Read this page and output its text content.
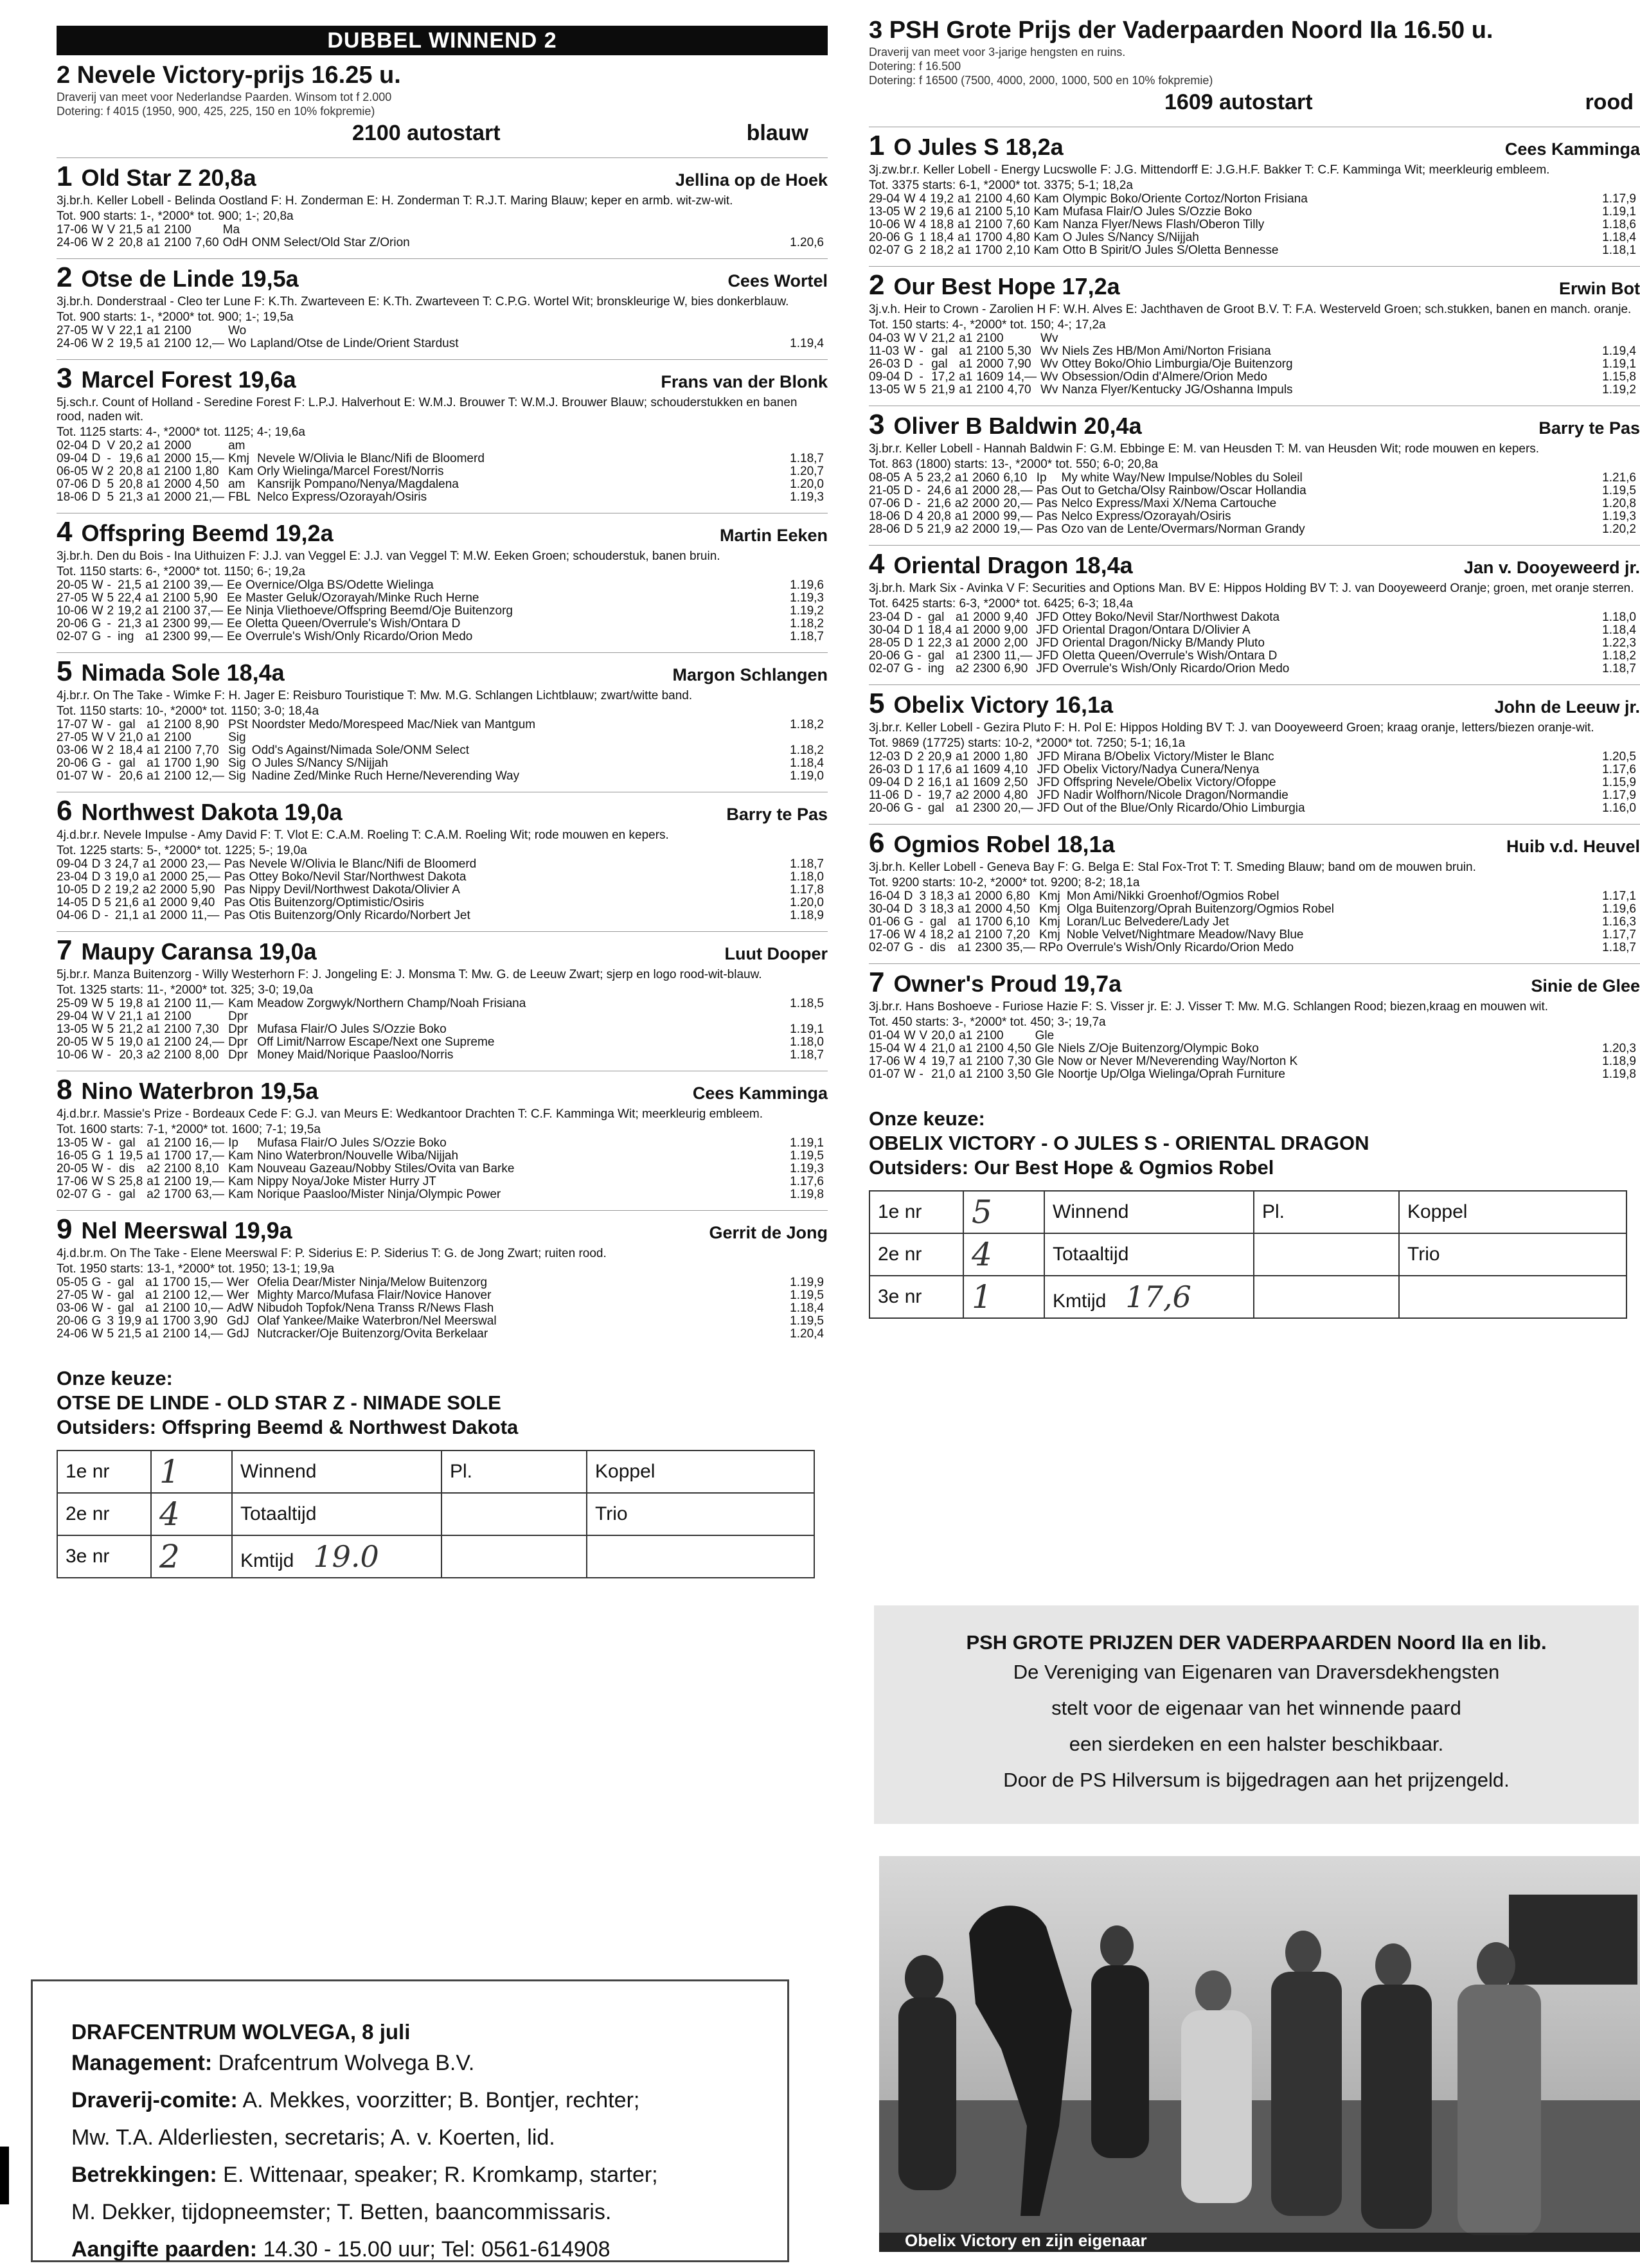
DUBBEL WINNEND 2
2 Nevele Victory-prijs 16.25 u.
Draverij van meet voor Nederlandse Paarden. Winsom tot f 2.000
Dotering: f 4015 (1950, 900, 425, 225, 150 en 10% fokpremie)
2100 autostart	blauw
1 Old Star Z 20,8a	Jellina op de Hoek
3j.br.h. Keller Lobell - Belinda Oostland F: H. Zonderman E: H. Zonderman T: R.J.T. Maring Blauw; keper en armb. wit-zw-wit.
Tot. 900 starts: 1-, *2000* tot. 900; 1-; 20,8a
17-06	W	V	21,5	a1	2100		Ma		
24-06	W	2	20,8	a1	2100	7,60	OdH	ONM Select/Old Star Z/Orion	1.20,6
2 Otse de Linde 19,5a	Cees Wortel
3j.br.h. Donderstraal - Cleo ter Lune F: K.Th. Zwarteveen E: K.Th. Zwarteveen T: C.P.G. Wortel Wit; bronskleurige W, bies donkerblauw.
Tot. 900 starts: 1-, *2000* tot. 900; 1-; 19,5a
27-05	W	V	22,1	a1	2100		Wo		
24-06	W	2	19,5	a1	2100	12,—	Wo	Lapland/Otse de Linde/Orient Stardust	1.19,4
3 Marcel Forest 19,6a	Frans van der Blonk
5j.sch.r. Count of Holland - Seredine Forest F: L.P.J. Halverhout E: W.M.J. Brouwer T: W.M.J. Brouwer Blauw; schouderstukken en banen rood, naden wit.
Tot. 1125 starts: 4-, *2000* tot. 1125; 4-; 19,6a
02-04	D	V	20,2	a1	2000		am		
09-04	D	-	19,6	a1	2000	15,—	Kmj	Nevele W/Olivia le Blanc/Nifi de Bloomerd	1.18,7
06-05	W	2	20,8	a1	2100	1,80	Kam	Orly Wielinga/Marcel Forest/Norris	1.20,7
07-06	D	5	20,8	a1	2000	4,50	am	Kansrijk Pompano/Nenya/Magdalena	1.20,0
18-06	D	5	21,3	a1	2000	21,—	FBL	Nelco Express/Ozorayah/Osiris	1.19,3
4 Offspring Beemd 19,2a	Martin Eeken
3j.br.h. Den du Bois - Ina Uithuizen F: J.J. van Veggel E: J.J. van Veggel T: M.W. Eeken Groen; schouderstuk, banen bruin.
Tot. 1150 starts: 6-, *2000* tot. 1150; 6-; 19,2a
20-05	W	-	21,5	a1	2100	39,—	Ee	Overnice/Olga BS/Odette Wielinga	1.19,6
27-05	W	5	22,4	a1	2100	5,90	Ee	Master Geluk/Ozorayah/Minke Ruch Herne	1.19,3
10-06	W	2	19,2	a1	2100	37,—	Ee	Ninja Vliethoeve/Offspring Beemd/Oje Buitenzorg	1.19,2
20-06	G	-	21,3	a1	2300	99,—	Ee	Oletta Queen/Overrule's Wish/Ontara D	1.18,2
02-07	G	-	ing	a1	2300	99,—	Ee	Overrule's Wish/Only Ricardo/Orion Medo	1.18,7
5 Nimada Sole 18,4a	Margon Schlangen
4j.br.r. On The Take - Wimke F: H. Jager E: Reisburo Touristique T: Mw. M.G. Schlangen Lichtblauw; zwart/witte band.
Tot. 1150 starts: 10-, *2000* tot. 1150; 3-0; 18,4a
17-07	W	-	gal	a1	2100	8,90	PSt	Noordster Medo/Morespeed Mac/Niek van Mantgum	1.18,2
27-05	W	V	21,0	a1	2100		Sig		
03-06	W	2	18,4	a1	2100	7,70	Sig	Odd's Against/Nimada Sole/ONM Select	1.18,2
20-06	G	-	gal	a1	1700	1,90	Sig	O Jules S/Nancy S/Nijjah	1.18,4
01-07	W	-	20,6	a1	2100	12,—	Sig	Nadine Zed/Minke Ruch Herne/Neverending Way	1.19,0
6 Northwest Dakota 19,0a	Barry te Pas
4j.d.br.r. Nevele Impulse - Amy David F: T. Vlot E: C.A.M. Roeling T: C.A.M. Roeling Wit; rode mouwen en kepers.
Tot. 1225 starts: 5-, *2000* tot. 1225; 5-; 19,0a
09-04	D	3	24,7	a1	2000	23,—	Pas	Nevele W/Olivia le Blanc/Nifi de Bloomerd	1.18,7
23-04	D	3	19,0	a1	2000	25,—	Pas	Ottey Boko/Nevil Star/Northwest Dakota	1.18,0
10-05	D	2	19,2	a2	2000	5,90	Pas	Nippy Devil/Northwest Dakota/Olivier A	1.17,8
14-05	D	5	21,6	a1	2000	9,40	Pas	Otis Buitenzorg/Optimistic/Osiris	1.20,0
04-06	D	-	21,1	a1	2000	11,—	Pas	Otis Buitenzorg/Only Ricardo/Norbert Jet	1.18,9
7 Maupy Caransa 19,0a	Luut Dooper
5j.br.r. Manza Buitenzorg - Willy Westerhorn F: J. Jongeling E: J. Monsma T: Mw. G. de Leeuw Zwart; sjerp en logo rood-wit-blauw.
Tot. 1325 starts: 11-, *2000* tot. 325; 3-0; 19,0a
25-09	W	5	19,8	a1	2100	11,—	Kam	Meadow Zorgwyk/Northern Champ/Noah Frisiana	1.18,5
29-04	W	V	21,1	a1	2100		Dpr		
13-05	W	5	21,2	a1	2100	7,30	Dpr	Mufasa Flair/O Jules S/Ozzie Boko	1.19,1
20-05	W	5	19,0	a1	2100	24,—	Dpr	Off Limit/Narrow Escape/Next one Supreme	1.18,0
10-06	W	-	20,3	a2	2100	8,00	Dpr	Money Maid/Norique Paasloo/Norris	1.18,7
8 Nino Waterbron 19,5a	Cees Kamminga
4j.d.br.r. Massie's Prize - Bordeaux Cede F: G.J. van Meurs E: Wedkantoor Drachten T: C.F. Kamminga Wit; meerkleurig embleem.
Tot. 1600 starts: 7-1, *2000* tot. 1600; 7-1; 19,5a
13-05	W	-	gal	a1	2100	16,—	Ip	Mufasa Flair/O Jules S/Ozzie Boko	1.19,1
16-05	G	1	19,5	a1	1700	17,—	Kam	Nino Waterbron/Nouvelle Wiba/Nijjah	1.19,5
20-05	W	-	dis	a2	2100	8,10	Kam	Nouveau Gazeau/Nobby Stiles/Ovita van Barke	1.19,3
17-06	W	S	25,8	a1	2100	19,—	Kam	Nippy Noya/Joke Mister Hurry JT	1.17,6
02-07	G	-	gal	a2	1700	63,—	Kam	Norique Paasloo/Mister Ninja/Olympic Power	1.19,8
9 Nel Meerswal 19,9a	Gerrit de Jong
4j.d.br.m. On The Take - Elene Meerswal F: P. Siderius E: P. Siderius T: G. de Jong Zwart; ruiten rood.
Tot. 1950 starts: 13-1, *2000* tot. 1950; 13-1; 19,9a
05-05	G	-	gal	a1	1700	15,—	Wer	Ofelia Dear/Mister Ninja/Melow Buitenzorg	1.19,9
27-05	W	-	gal	a1	2100	12,—	Wer	Mighty Marco/Mufasa Flair/Novice Hanover	1.19,5
03-06	W	-	gal	a1	2100	10,—	AdW	Nibudoh Topfok/Nena Transs R/News Flash	1.18,4
20-06	G	3	19,9	a1	1700	3,90	GdJ	Olaf Yankee/Maike Waterbron/Nel Meerswal	1.19,5
24-06	W	5	21,5	a1	2100	14,—	GdJ	Nutcracker/Oje Buitenzorg/Ovita Berkelaar	1.20,4
Onze keuze:
OTSE DE LINDE - OLD STAR Z - NIMADE SOLE
Outsiders: Offspring Beemd & Northwest Dakota
1e nr	1	Winnend	Pl.	Koppel
2e nr	4	Totaaltijd		Trio
3e nr	2	Kmtijd 19.0		
DRAFCENTRUM WOLVEGA, 8 juli
Management: Drafcentrum Wolvega B.V.
Draverij-comite: A. Mekkes, voorzitter; B. Bontjer, rechter;
Mw. T.A. Alderliesten, secretaris; A. v. Koerten, lid.
Betrekkingen: E. Wittenaar, speaker; R. Kromkamp, starter;
M. Dekker, tijdopneemster; T. Betten, baancommissaris.
Aangifte paarden: 14.30 - 15.00 uur; Tel: 0561-614908
3 PSH Grote Prijs der Vaderpaarden Noord IIa 16.50 u.
Draverij van meet voor 3-jarige hengsten en ruins.
Dotering: f 16.500
Dotering: f 16500 (7500, 4000, 2000, 1000, 500 en 10% fokpremie)
1609 autostart	rood
1 O Jules S 18,2a	Cees Kamminga
3j.zw.br.r. Keller Lobell - Energy Lucswolle F: J.G. Mittendorff E: J.G.H.F. Bakker T: C.F. Kamminga Wit; meerkleurig embleem.
Tot. 3375 starts: 6-1, *2000* tot. 3375; 5-1; 18,2a
29-04	W	4	19,2	a1	2100	4,60	Kam	Olympic Boko/Oriente Cortoz/Norton Frisiana	1.17,9
13-05	W	2	19,6	a1	2100	5,10	Kam	Mufasa Flair/O Jules S/Ozzie Boko	1.19,1
10-06	W	4	18,8	a1	2100	7,60	Kam	Nanza Flyer/News Flash/Oberon Tilly	1.18,6
20-06	G	1	18,4	a1	1700	4,80	Kam	O Jules S/Nancy S/Nijjah	1.18,4
02-07	G	2	18,2	a1	1700	2,10	Kam	Otto B Spirit/O Jules S/Oletta Bennesse	1.18,1
2 Our Best Hope 17,2a	Erwin Bot
3j.v.h. Heir to Crown - Zarolien H F: W.H. Alves E: Jachthaven de Groot B.V. T: F.A. Westerveld Groen; sch.stukken, banen en manch. oranje.
Tot. 150 starts: 4-, *2000* tot. 150; 4-; 17,2a
04-03	W	V	21,2	a1	2100		Wv		
11-03	W	-	gal	a1	2100	5,30	Wv	Niels Zes HB/Mon Ami/Norton Frisiana	1.19,4
26-03	D	-	gal	a1	2000	7,90	Wv	Ottey Boko/Ohio Limburgia/Oje Buitenzorg	1.19,1
09-04	D	-	17,2	a1	1609	14,—	Wv	Obsession/Odin d'Almere/Orion Medo	1.15,8
13-05	W	5	21,9	a1	2100	4,70	Wv	Nanza Flyer/Kentucky JG/Oshanna Impuls	1.19,2
3 Oliver B Baldwin 20,4a	Barry te Pas
3j.br.r. Keller Lobell - Hannah Baldwin F: G.M. Ebbinge E: M. van Heusden T: M. van Heusden Wit; rode mouwen en kepers.
Tot. 863 (1800) starts: 13-, *2000* tot. 550; 6-0; 20,8a
08-05	A	5	23,2	a1	2060	6,10	Ip	My white Way/New Impulse/Nobles du Soleil	1.21,6
21-05	D	-	24,6	a1	2000	28,—	Pas	Out to Getcha/Olsy Rainbow/Oscar Hollandia	1.19,5
07-06	D	-	21,6	a2	2000	20,—	Pas	Nelco Express/Maxi X/Nema Cartouche	1.20,8
18-06	D	4	20,8	a1	2000	99,—	Pas	Nelco Express/Ozorayah/Osiris	1.19,3
28-06	D	5	21,9	a2	2000	19,—	Pas	Ozo van de Lente/Overmars/Norman Grandy	1.20,2
4 Oriental Dragon 18,4a	Jan v. Dooyeweerd jr.
3j.br.h. Mark Six - Avinka V F: Securities and Options Man. BV E: Hippos Holding BV T: J. van Dooyeweerd Oranje; groen, met oranje sterren.
Tot. 6425 starts: 6-3, *2000* tot. 6425; 6-3; 18,4a
23-04	D	-	gal	a1	2000	9,40	JFD	Ottey Boko/Nevil Star/Northwest Dakota	1.18,0
30-04	D	1	18,4	a1	2000	9,00	JFD	Oriental Dragon/Ontara D/Olivier A	1.18,4
28-05	D	1	22,3	a1	2000	2,00	JFD	Oriental Dragon/Nicky B/Mandy Pluto	1.22,3
20-06	G	-	gal	a1	2300	11,—	JFD	Oletta Queen/Overrule's Wish/Ontara D	1.18,2
02-07	G	-	ing	a2	2300	6,90	JFD	Overrule's Wish/Only Ricardo/Orion Medo	1.18,7
5 Obelix Victory 16,1a	John de Leeuw jr.
3j.br.r. Keller Lobell - Gezira Pluto F: H. Pol E: Hippos Holding BV T: J. van Dooyeweerd Groen; kraag oranje, letters/biezen oranje-wit.
Tot. 9869 (17725) starts: 10-2, *2000* tot. 7250; 5-1; 16,1a
12-03	D	2	20,9	a1	2000	1,80	JFD	Mirana B/Obelix Victory/Mister le Blanc	1.20,5
26-03	D	1	17,6	a1	1609	4,10	JFD	Obelix Victory/Nadya Cunera/Nenya	1.17,6
09-04	D	2	16,1	a1	1609	2,50	JFD	Offspring Nevele/Obelix Victory/Ofoppe	1.15,9
11-06	D	-	19,7	a2	2000	4,80	JFD	Nadir Wolfhorn/Nicole Dragon/Normandie	1.17,9
20-06	G	-	gal	a1	2300	20,—	JFD	Out of the Blue/Only Ricardo/Ohio Limburgia	1.16,0
6 Ogmios Robel 18,1a	Huib v.d. Heuvel
3j.br.h. Keller Lobell - Geneva Bay F: G. Belga E: Stal Fox-Trot T: T. Smeding Blauw; band om de mouwen bruin.
Tot. 9200 starts: 10-2, *2000* tot. 9200; 8-2; 18,1a
16-04	D	3	18,3	a1	2000	6,80	Kmj	Mon Ami/Nikki Groenhof/Ogmios Robel	1.17,1
30-04	D	3	18,3	a1	2000	4,50	Kmj	Olga Buitenzorg/Oprah Buitenzorg/Ogmios Robel	1.19,6
01-06	G	-	gal	a1	1700	6,10	Kmj	Loran/Luc Belvedere/Lady Jet	1.16,3
17-06	W	4	18,2	a1	2100	7,20	Kmj	Noble Velvet/Nightmare Meadow/Navy Blue	1.17,7
02-07	G	-	dis	a1	2300	35,—	RPo	Overrule's Wish/Only Ricardo/Orion Medo	1.18,7
7 Owner's Proud 19,7a	Sinie de Glee
3j.br.r. Hans Boshoeve - Furiose Hazie F: S. Visser jr. E: J. Visser T: Mw. M.G. Schlangen Rood; biezen,kraag en mouwen wit.
Tot. 450 starts: 3-, *2000* tot. 450; 3-; 19,7a
01-04	W	V	20,0	a1	2100		Gle		
15-04	W	4	21,0	a1	2100	4,50	Gle	Niels Z/Oje Buitenzorg/Olympic Boko	1.20,3
17-06	W	4	19,7	a1	2100	7,30	Gle	Now or Never M/Neverending Way/Norton K	1.18,9
01-07	W	-	21,0	a1	2100	3,50	Gle	Noortje Up/Olga Wielinga/Oprah Furniture	1.19,8
Onze keuze:
OBELIX VICTORY - O JULES S - ORIENTAL DRAGON
Outsiders: Our Best Hope & Ogmios Robel
1e nr	5	Winnend	Pl.	Koppel
2e nr	4	Totaaltijd		Trio
3e nr	1	Kmtijd 17,6		
PSH GROTE PRIJZEN DER VADERPAARDEN Noord IIa en lib.
De Vereniging van Eigenaren van Draversdekhengsten
stelt voor de eigenaar van het winnende paard
een sierdeken en een halster beschikbaar.
Door de PS Hilversum is bijgedragen aan het prijzengeld.
Obelix Victory en zijn eigenaar
